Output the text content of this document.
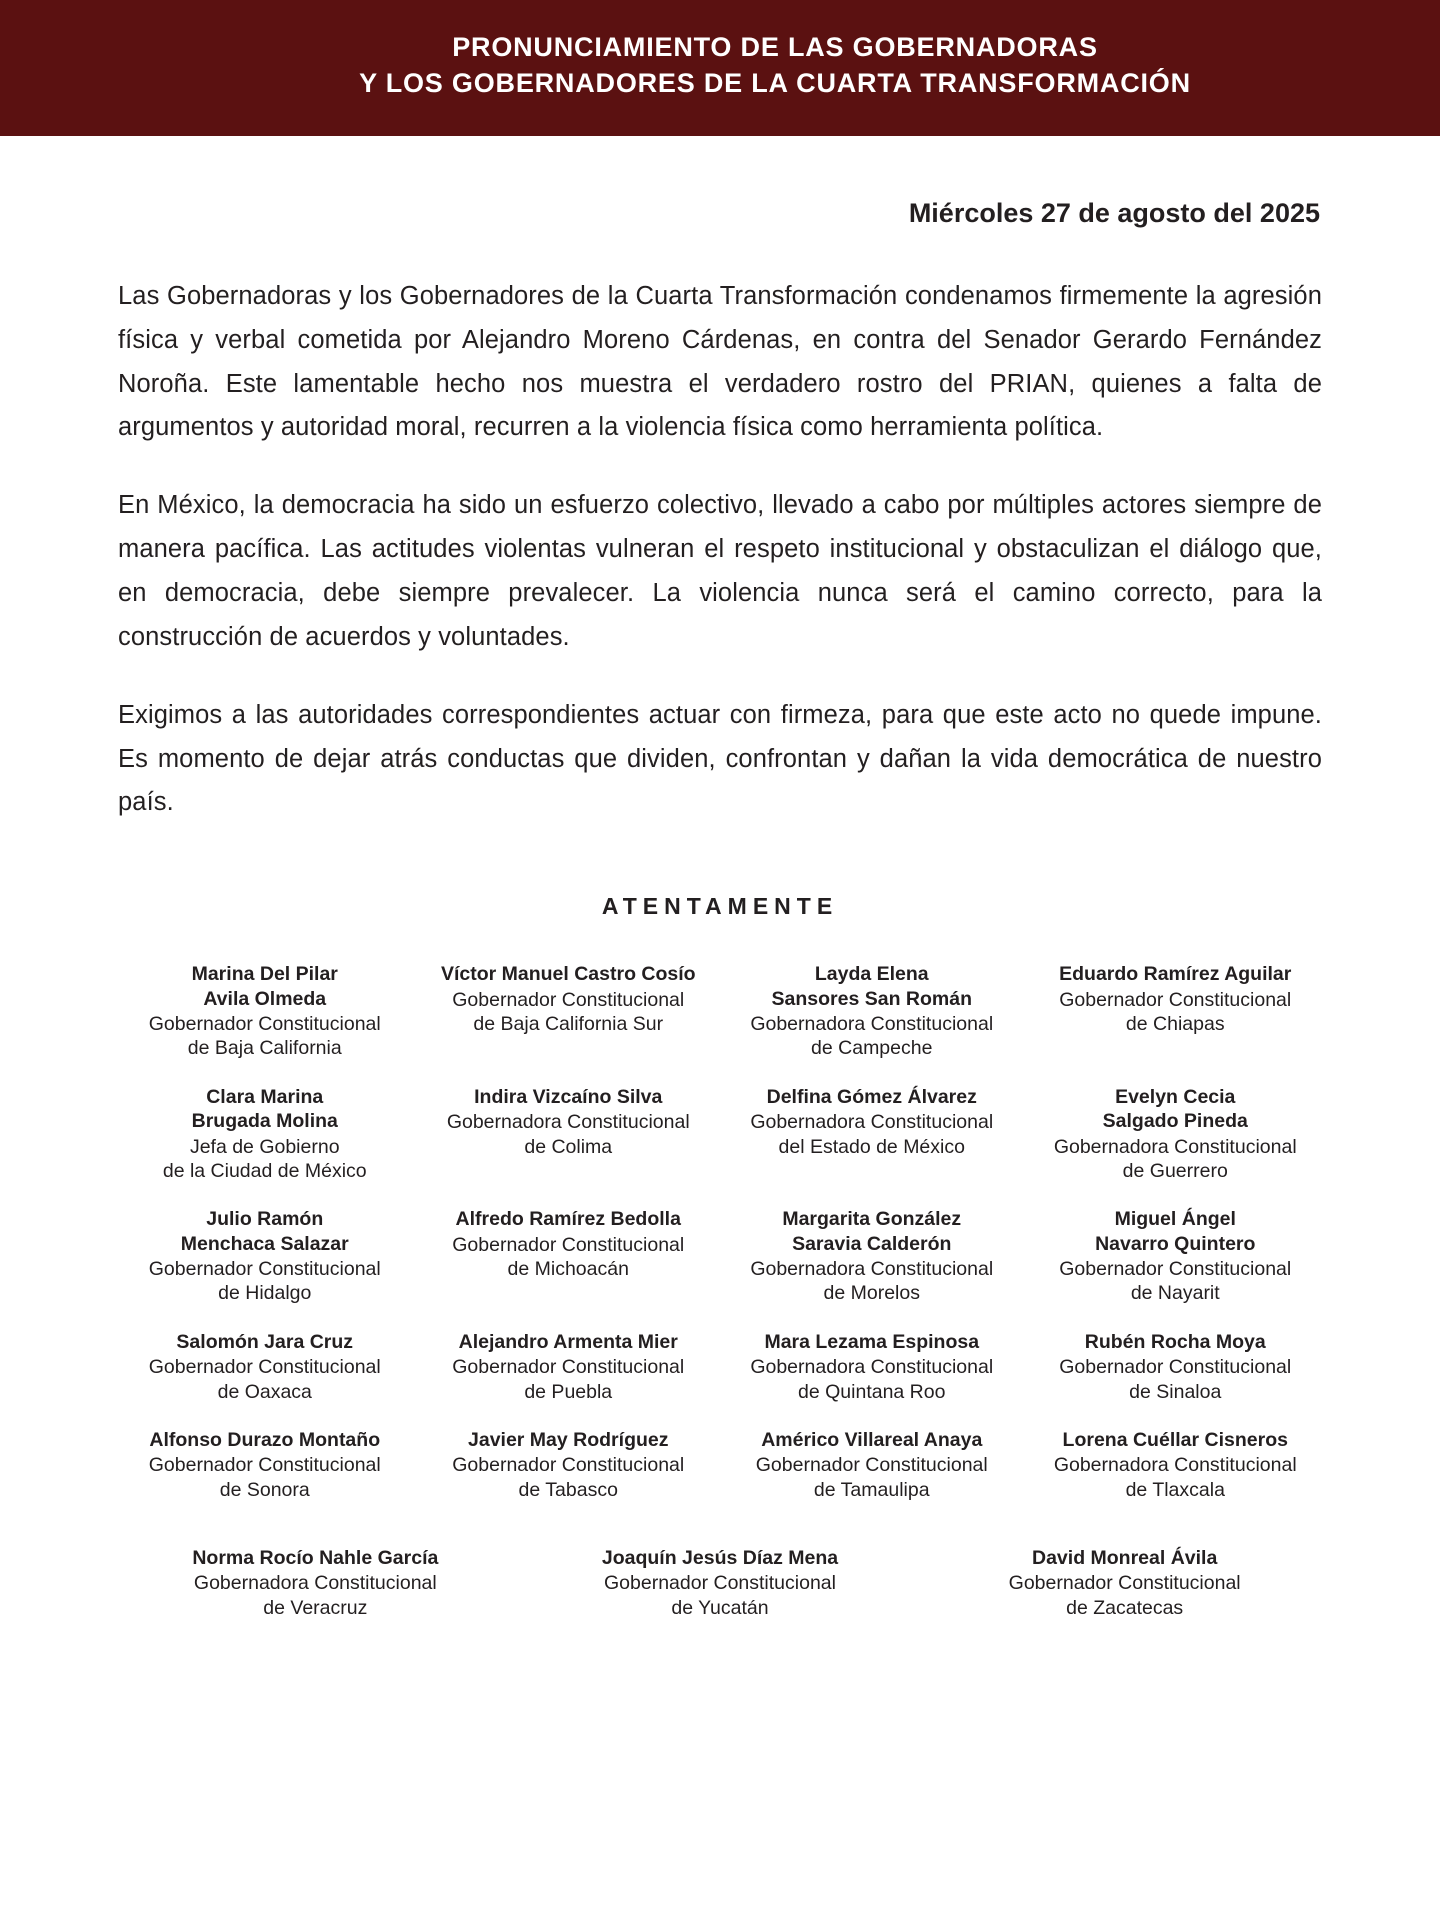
PRONUNCIAMIENTO DE LAS GOBERNADORAS
Y LOS GOBERNADORES DE LA CUARTA TRANSFORMACIÓN
Miércoles 27 de agosto del 2025

Las Gobernadoras y los Gobernadores de la Cuarta Transformación condenamos firmemente la agresión física y verbal cometida por Alejandro Moreno Cárdenas, en contra del Senador Gerardo Fernández Noroña. Este lamentable hecho nos muestra el verdadero rostro del PRIAN, quienes a falta de argumentos y autoridad moral, recurren a la violencia física como herramienta política.

En México, la democracia ha sido un esfuerzo colectivo, llevado a cabo por múltiples actores siempre de manera pacífica. Las actitudes violentas vulneran el respeto institucional y obstaculizan el diálogo que, en democracia, debe siempre prevalecer. La violencia nunca será el camino correcto, para la construcción de acuerdos y voluntades.

Exigimos a las autoridades correspondientes actuar con firmeza, para que este acto no quede impune. Es momento de dejar atrás conductas que dividen, confrontan y dañan la vida democrática de nuestro país.

ATENTAMENTE
Marina Del Pilar
Avila Olmeda
Gobernador Constitucional
de Baja California
Víctor Manuel Castro Cosío
Gobernador Constitucional
de Baja California Sur
Layda Elena
Sansores San Román
Gobernadora Constitucional
de Campeche
Eduardo Ramírez Aguilar
Gobernador Constitucional
de Chiapas
Clara Marina
Brugada Molina
Jefa de Gobierno
de la Ciudad de México
Indira Vizcaíno Silva
Gobernadora Constitucional
de Colima
Delfina Gómez Álvarez
Gobernadora Constitucional
del Estado de México
Evelyn Cecia
Salgado Pineda
Gobernadora Constitucional
de Guerrero
Julio Ramón
Menchaca Salazar
Gobernador Constitucional
de Hidalgo
Alfredo Ramírez Bedolla
Gobernador Constitucional
de Michoacán
Margarita González
Saravia Calderón
Gobernadora Constitucional
de Morelos
Miguel Ángel
Navarro Quintero
Gobernador Constitucional
de Nayarit
Salomón Jara Cruz
Gobernador Constitucional
de Oaxaca
Alejandro Armenta Mier
Gobernador Constitucional
de Puebla
Mara Lezama Espinosa
Gobernadora Constitucional
de Quintana Roo
Rubén Rocha Moya
Gobernador Constitucional
de Sinaloa
Alfonso Durazo Montaño
Gobernador Constitucional
de Sonora
Javier May Rodríguez
Gobernador Constitucional
de Tabasco
Américo Villareal Anaya
Gobernador Constitucional
de Tamaulipa
Lorena Cuéllar Cisneros
Gobernadora Constitucional
de Tlaxcala
Norma Rocío Nahle García
Gobernadora Constitucional
de Veracruz
Joaquín Jesús Díaz Mena
Gobernador Constitucional
de Yucatán
David Monreal Ávila
Gobernador Constitucional
de Zacatecas
